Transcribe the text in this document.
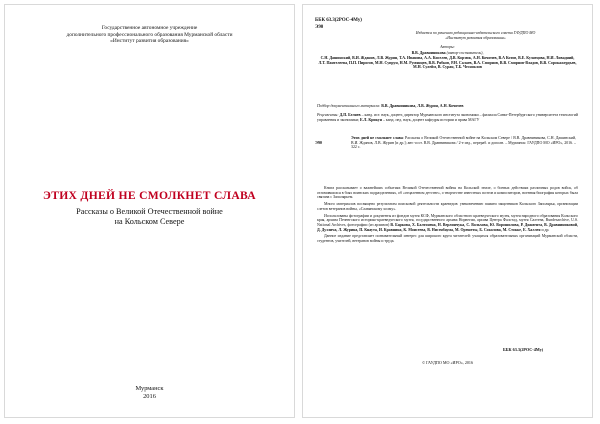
Государственное автономное учреждение
дополнительного профессионального образования Мурманской области
«Институт развития образования»
ЭТИХ ДНЕЙ НЕ СМОЛКНЕТ СЛАВА
Рассказы о Великой Отечественной войне
на Кольском Севере
Мурманск
2016
ББК 63.3(2РОС-4Му)
Э90
Издается по решению редакционно-издательского совета ГАУДПО МО «Институт развития образования»
Авторы:
В.В. Дравниникова (автор-составитель),
С.Н. Дашинский, В.И. Жданов, Л.В. Журин, Т.А. Иванова, А.А. Киселев, Д.В. Корзюк, А.Н. Кочичев, В.А Котов, В.Е. Кузнецова, Н.И. Ливадний, Л.Т. Пантелеева, П.П. Пирогов, М.Н. Супрун, Н.М. Румянцев, В.В. Рябков, Р.Н. Салаев, В.А. Смирнов, В.В. Смирнов-Владов, В.В. Сорокажердьев, М.Н. Сулейм, В. Суран, Т.Б. Чесноклов
Подбор документального материала: В.В. Дравниникова, Л.В. Журин, А.Н. Кочичев
Рецензенты: Д.П. Беляев – канд. ист. наук, доцент, директор Мурманского института экономики – филиала Санкт-Петербургского университета технологий управления и экономики; Е.Л. Крикун – канд. пед. наук, доцент кафедры истории и права МАГУ
Этих дней не смолкнет слава: Рассказы о Великой Отечественной войне на Кольском Севере / В.В. Дравниникова, С.Н. Дашинский, В.И. Жданов, Л.В. Журин [и др.]; авт.-сост. В.В. Дравниникова / 2-е изд., перераб. и дополн. – Мурманск: ГАУДПО МО «ИРО», 2016. – 322 с.
Э90

Книга рассказывает о важнейших событиях Великой Отечественной войны на Кольской земле, о боевых действиях различных родов войск, об отличившихся в боях воинских подразделениях, об «отцаленном детстве», о творчестве известных поэтов и композиторов, военная биография которых была связана с Заполярьем.

Много материалов посвящено результатам поисковой деятельности краеведов: увековечению памяти защитников Кольского Заполярья, организации слетов ветеранов войны, «Славянскому холму».

Использованы фотографии и документы из фондов музея КСФ, Мурманского областного краеведческого музея, музея народного образования Кольского края, архива Печенгского историко-краеведческого музея, государственного архива Норвегии, архива Центра Фалстад, музея Салтена, Bundesarchive, U.S. National Archives, фотографии (из архивов) В. Баркова, Х. Балтонена, Н. Верлинчука, С. Вольхова, Ю. Ворошилова, Р. Диамента, В. Дравниниковой, Д. Дуэлича, Л. Журина, П. Кнаута, И. Кравнина, К. Моисеева, В. Нисенбаума, М. Орешеты, Б. Соколова, М. Стокке, Е. Халлея и др.

Данное издание представляет познавательный интерес для широкого круга читателей: учащихся образовательных организаций Мурманской области, студентов, учителей, ветеранов войны и труда.

ББК 63.3(2РОС-4Му)
© ГАУДПО МО «ИРО», 2016
